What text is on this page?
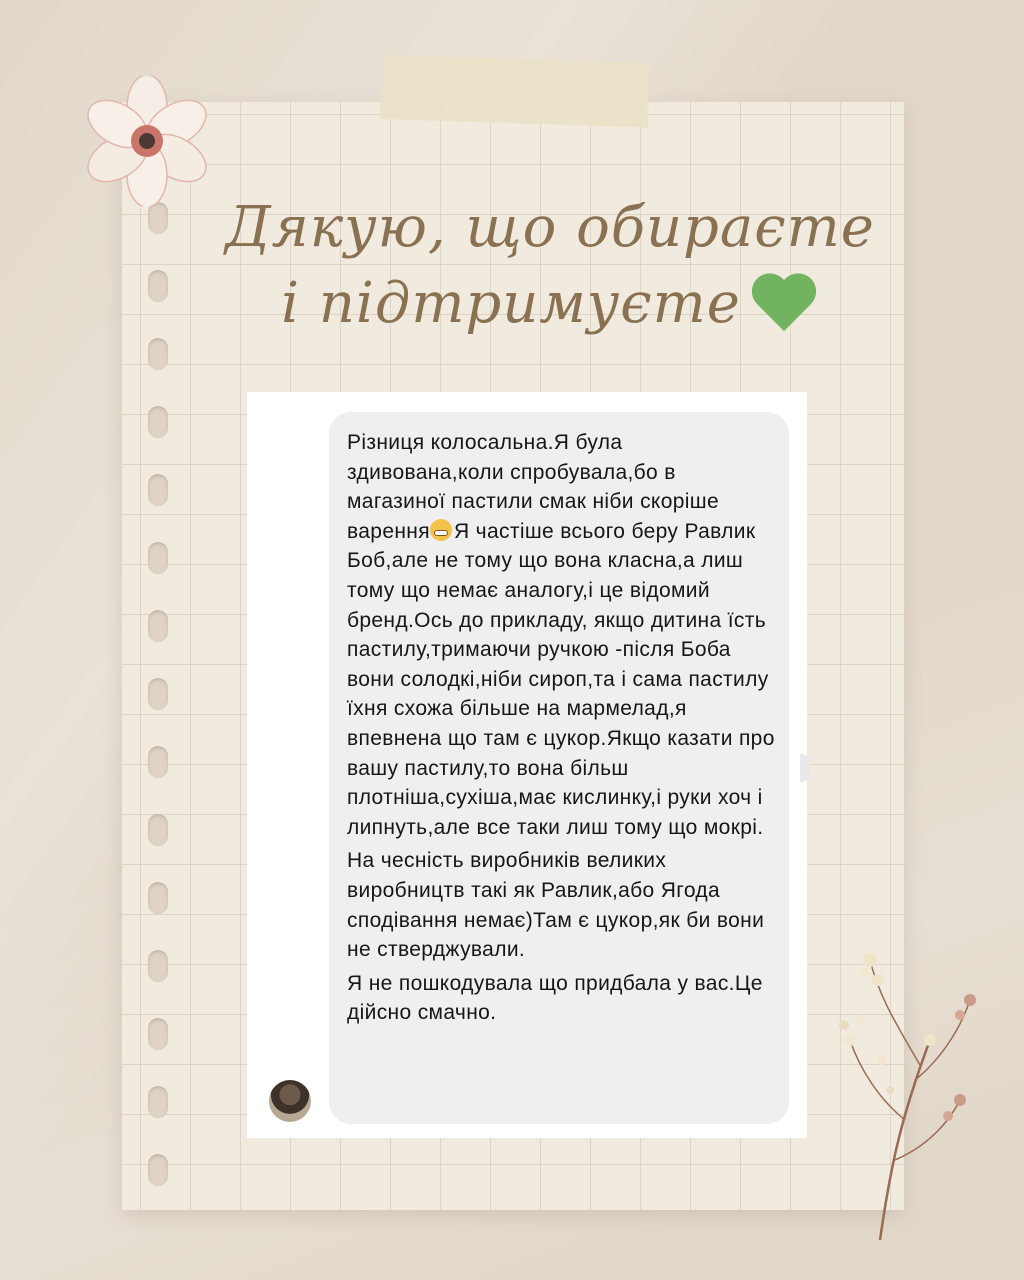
Дякую, що обираєте
і підтримуєте

Різниця колосальна.Я була здивована,коли спробувала,бо в магазиної пастили смак ніби скоріше варення Я частіше всього беру Равлик Боб,але не тому що вона класна,а лиш тому що немає аналогу,і це відомий бренд.Ось до прикладу, якщо дитина їсть пастилу,тримаючи ручкою -після Боба вони солодкі,ніби сироп,та і сама пастилу їхня схожа більше на мармелад,я впевнена що там є цукор.Якщо казати про вашу пастилу,то вона більш плотніша,сухіша,має кислинку,і руки хоч і липнуть,але все таки лиш тому що мокрі.

На чесність виробників великих виробництв такі як Равлик,або Ягода сподівання немає)Там є цукор,як би вони не стверджували.

Я не пошкодувала що придбала у вас.Це дійсно смачно.
